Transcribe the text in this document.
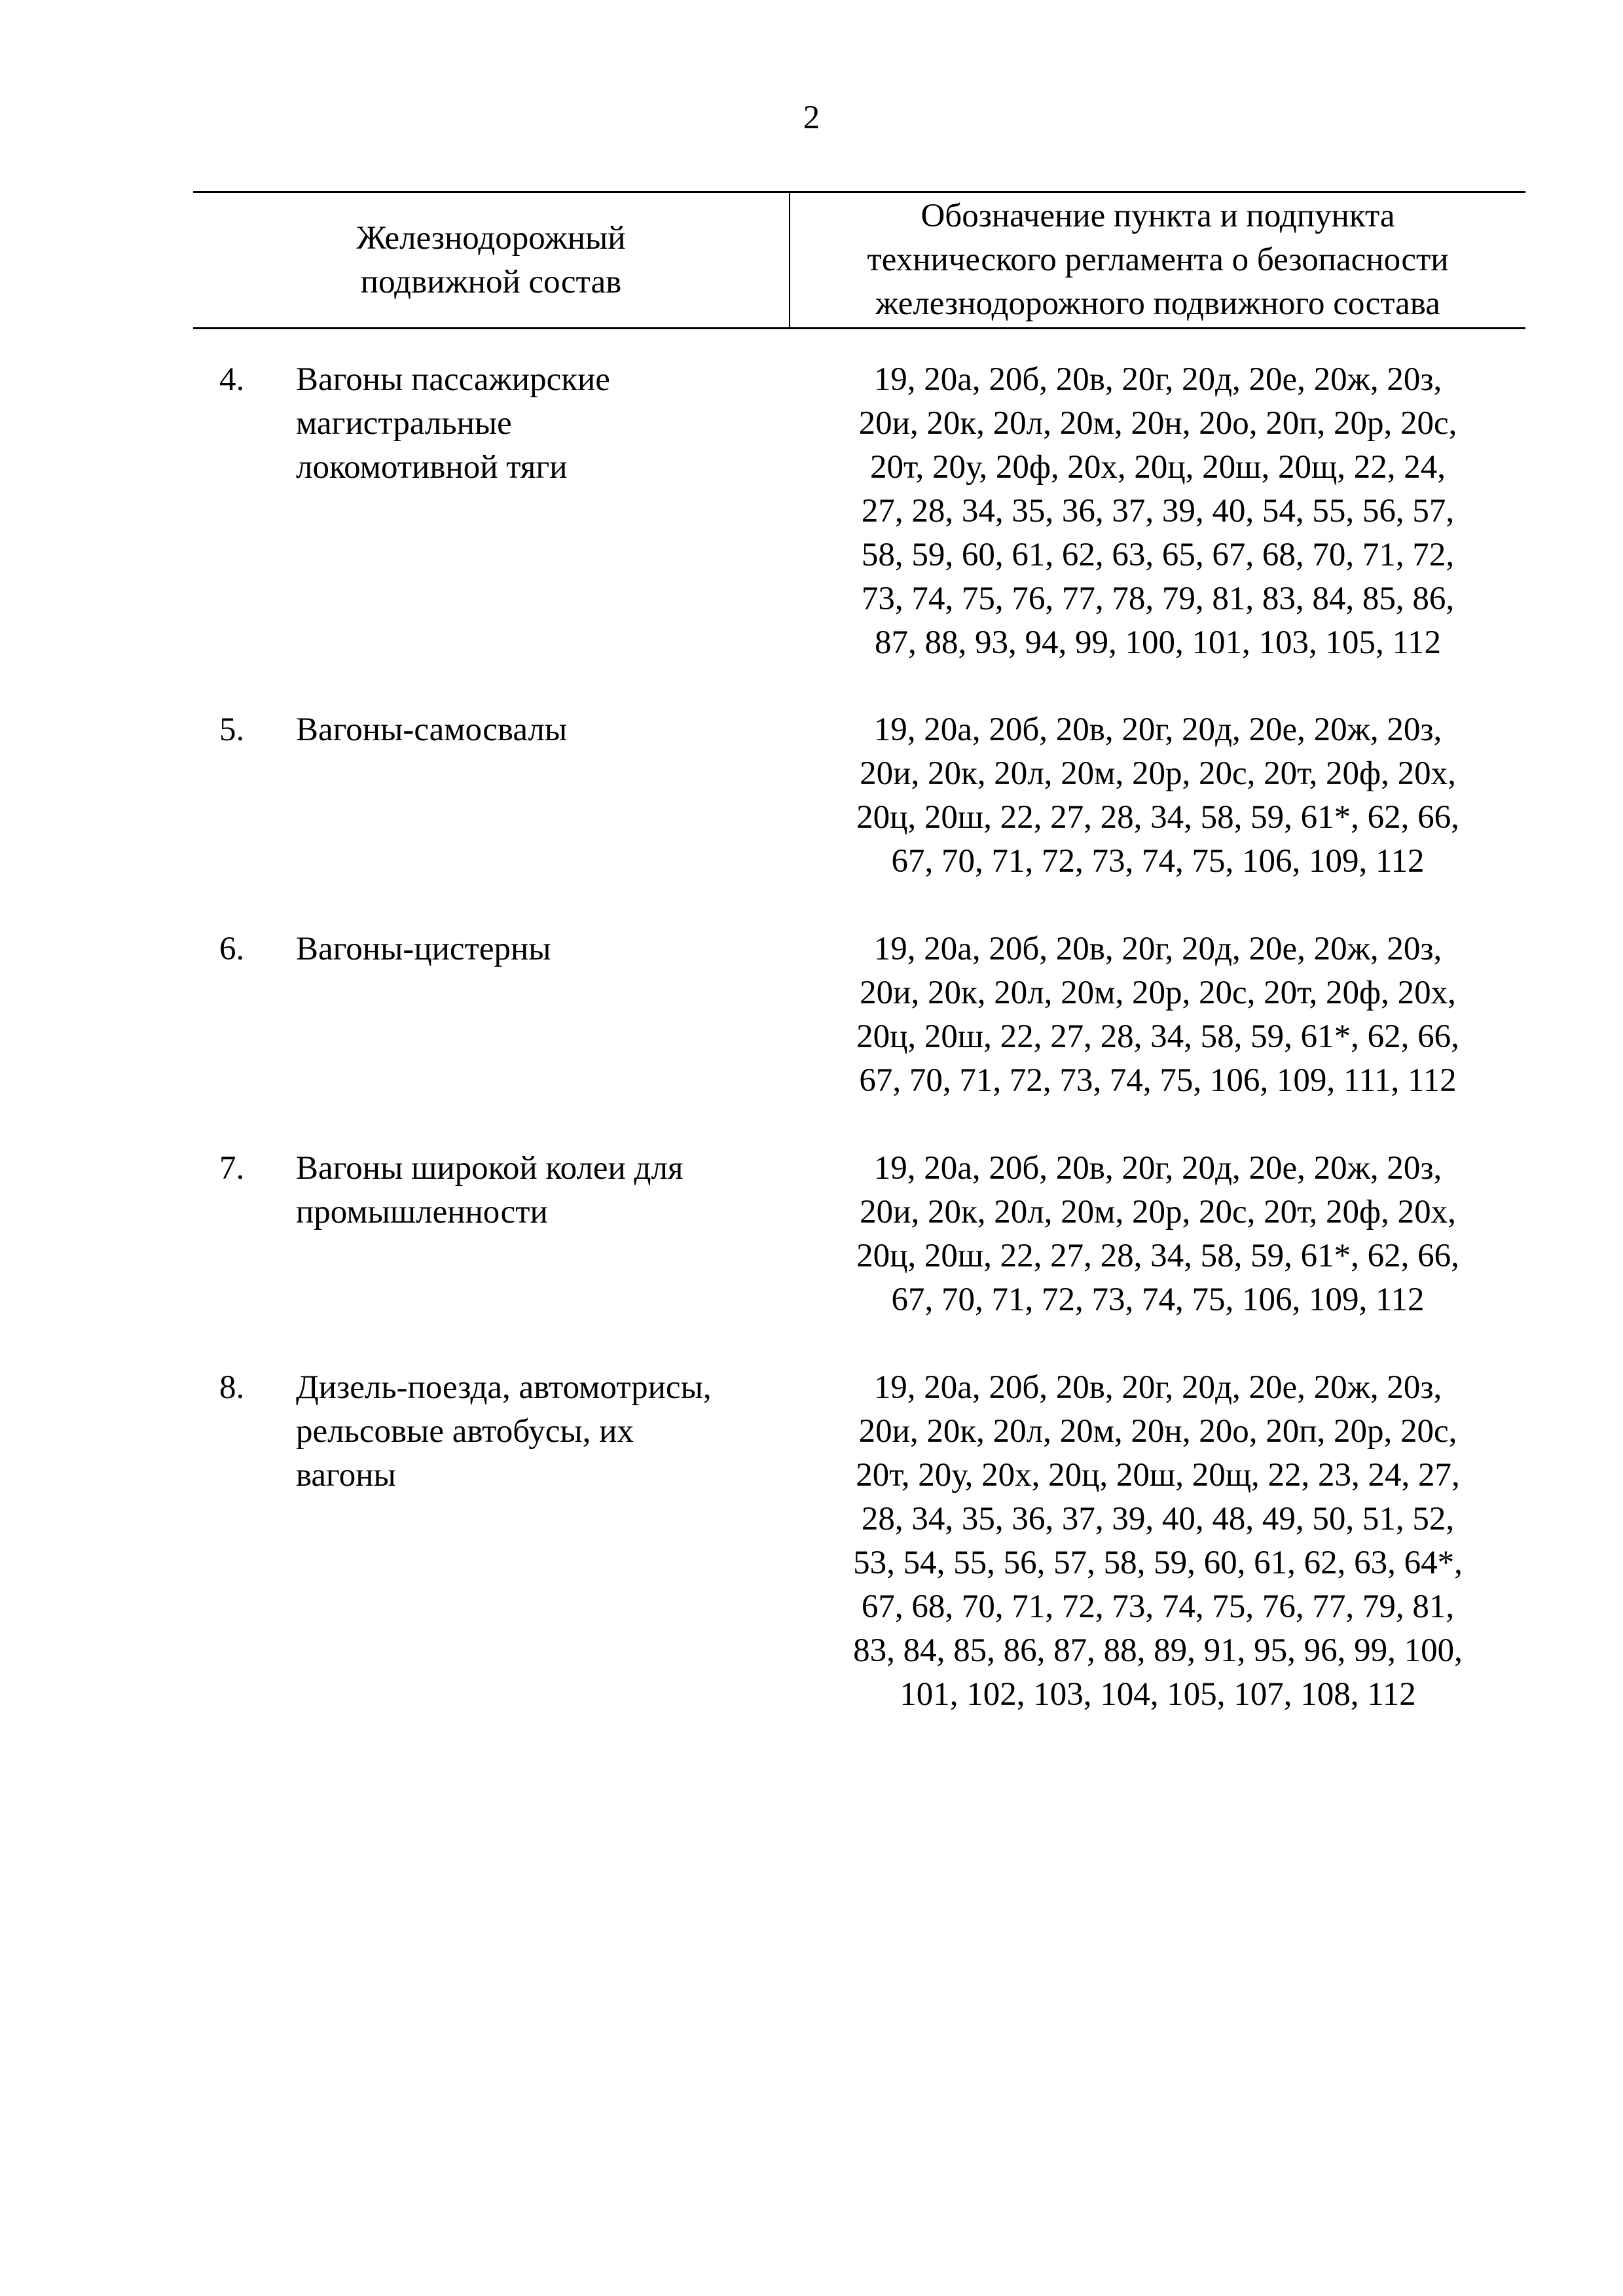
2
Железнодорожный
подвижной состав
Обозначение пункта и подпункта
технического регламента о безопасности
железнодорожного подвижного состава
4. Вагоны пассажирские
магистральные
локомотивной тяги
19, 20а, 20б, 20в, 20г, 20д, 20е, 20ж, 20з,
20и, 20к, 20л, 20м, 20н, 20о, 20п, 20р, 20с,
20т, 20у, 20ф, 20х, 20ц, 20ш, 20щ, 22, 24,
27, 28, 34, 35, 36, 37, 39, 40, 54, 55, 56, 57,
58, 59, 60, 61, 62, 63, 65, 67, 68, 70, 71, 72,
73, 74, 75, 76, 77, 78, 79, 81, 83, 84, 85, 86,
87, 88, 93, 94, 99, 100, 101, 103, 105, 112
5. Вагоны-самосвалы	19, 20а, 20б, 20в, 20г, 20д, 20е, 20ж, 20з,
20и, 20к, 20л, 20м, 20р, 20с, 20т, 20ф, 20х,
20ц, 20ш, 22, 27, 28, 34, 58, 59, 61*, 62, 66,
67, 70, 71, 72, 73, 74, 75, 106, 109, 112
6. Вагоны-цистерны	19, 20а, 20б, 20в, 20г, 20д, 20е, 20ж, 20з,
20и, 20к, 20л, 20м, 20р, 20с, 20т, 20ф, 20х,
20ц, 20ш, 22, 27, 28, 34, 58, 59, 61*, 62, 66,
67, 70, 71, 72, 73, 74, 75, 106, 109, 111, 112
7. Вагоны широкой колеи для
промышленности
19, 20а, 20б, 20в, 20г, 20д, 20е, 20ж, 20з,
20и, 20к, 20л, 20м, 20р, 20с, 20т, 20ф, 20х,
20ц, 20ш, 22, 27, 28, 34, 58, 59, 61*, 62, 66,
67, 70, 71, 72, 73, 74, 75, 106, 109, 112
8. Дизель-поезда, автомотрисы,
рельсовые автобусы, их
вагоны
19, 20а, 20б, 20в, 20г, 20д, 20е, 20ж, 20з,
20и, 20к, 20л, 20м, 20н, 20о, 20п, 20р, 20с,
20т, 20у, 20х, 20ц, 20ш, 20щ, 22, 23, 24, 27,
28, 34, 35, 36, 37, 39, 40, 48, 49, 50, 51, 52,
53, 54, 55, 56, 57, 58, 59, 60, 61, 62, 63, 64*,
67, 68, 70, 71, 72, 73, 74, 75, 76, 77, 79, 81,
83, 84, 85, 86, 87, 88, 89, 91, 95, 96, 99, 100,
101, 102, 103, 104, 105, 107, 108, 112
